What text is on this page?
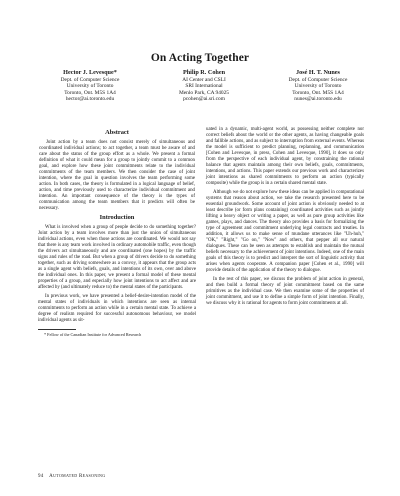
On Acting Together
Hector J. Levesque*
Dept. of Computer Science
University of Toronto
Toronto, Ont. M5S 1A4
hector@ai.toronto.edu
Philip R. Cohen
AI Center and CSLI
SRI International
Menlo Park, CA 94025
pcohen@ai.sri.com
José H. T. Nunes
Dept. of Computer Science
University of Toronto
Toronto, Ont. M5S 1A4
nunes@ai.toronto.edu
Abstract

Joint action by a team does not consist merely of simultaneous and coordinated individual actions; to act together, a team must be aware of and care about the status of the group effort as a whole. We present a formal definition of what it could mean for a group to jointly commit to a common goal, and explore how these joint commitments relate to the individual commitments of the team members. We then consider the case of joint intention, where the goal in question involves the team performing some action. In both cases, the theory is formulated in a logical language of belief, action, and time previously used to characterize individual commitment and intention. An important consequence of the theory is the types of communication among the team members that it predicts will often be necessary.

Introduction

What is involved when a group of people decide to do something together? Joint action by a team involves more than just the union of simultaneous individual actions, even when those actions are coordinated. We would not say that there is any team work involved in ordinary automobile traffic, even though the drivers act simultaneously and are coordinated (one hopes) by the traffic signs and rules of the road. But when a group of drivers decide to do something together, such as driving somewhere as a convoy, it appears that the group acts as a single agent with beliefs, goals, and intentions of its own, over and above the individual ones. In this paper, we present a formal model of these mental properties of a group, and especially how joint intentions to act affect and are affected by (and ultimately reduce to) the mental states of the participants.

In previous work, we have presented a belief-desire-intention model of the mental states of individuals in which intentions are seen as internal commitments to perform an action while in a certain mental state. To achieve a degree of realism required for successful autonomous behaviour, we model individual agents as sit-

* Fellow of the Canadian Institute for Advanced Research

uated in a dynamic, multi-agent world, as possessing neither complete nor correct beliefs about the world or the other agents, as having changeable goals and fallible actions, and as subject to interruption from external events. Whereas the model is sufficient to predict planning, replanning, and communication [Cohen and Levesque, in press, Cohen and Levesque, 1990], it does so only from the perspective of each individual agent, by constraining the rational balance that agents maintain among their own beliefs, goals, commitments, intentions, and actions. This paper extends our previous work and characterizes joint intentions as shared commitments to perform an action (typically composite) while the group is in a certain shared mental state.

Although we do not explore how these ideas can be applied in computational systems that reason about action, we take the research presented here to be essential groundwork. Some account of joint action is obviously needed to at least describe (or form plans containing) coordinated activities such as jointly lifting a heavy object or writing a paper, as well as pure group activities like games, plays, and dances. The theory also provides a basis for formalizing the type of agreement and commitment underlying legal contracts and treaties. In addition, it allows us to make sense of mundane utterances like "Uh-huh," "OK," "Right," "Go on," "Now" and others, that pepper all our natural dialogues. These can be seen as attempts to establish and maintain the mutual beliefs necessary to the achievement of joint intentions. Indeed, one of the main goals of this theory is to predict and interpret the sort of linguistic activity that arises when agents cooperate. A companion paper [Cohen et al., 1990] will provide details of the application of the theory to dialogue.

In the rest of this paper, we discuss the problem of joint action in general, and then build a formal theory of joint commitment based on the same primitives as the individual case. We then examine some of the properties of joint commitment, and use it to define a simple form of joint intention. Finally, we discuss why it is rational for agents to form joint commitments at all.

94 Automated Reasoning
